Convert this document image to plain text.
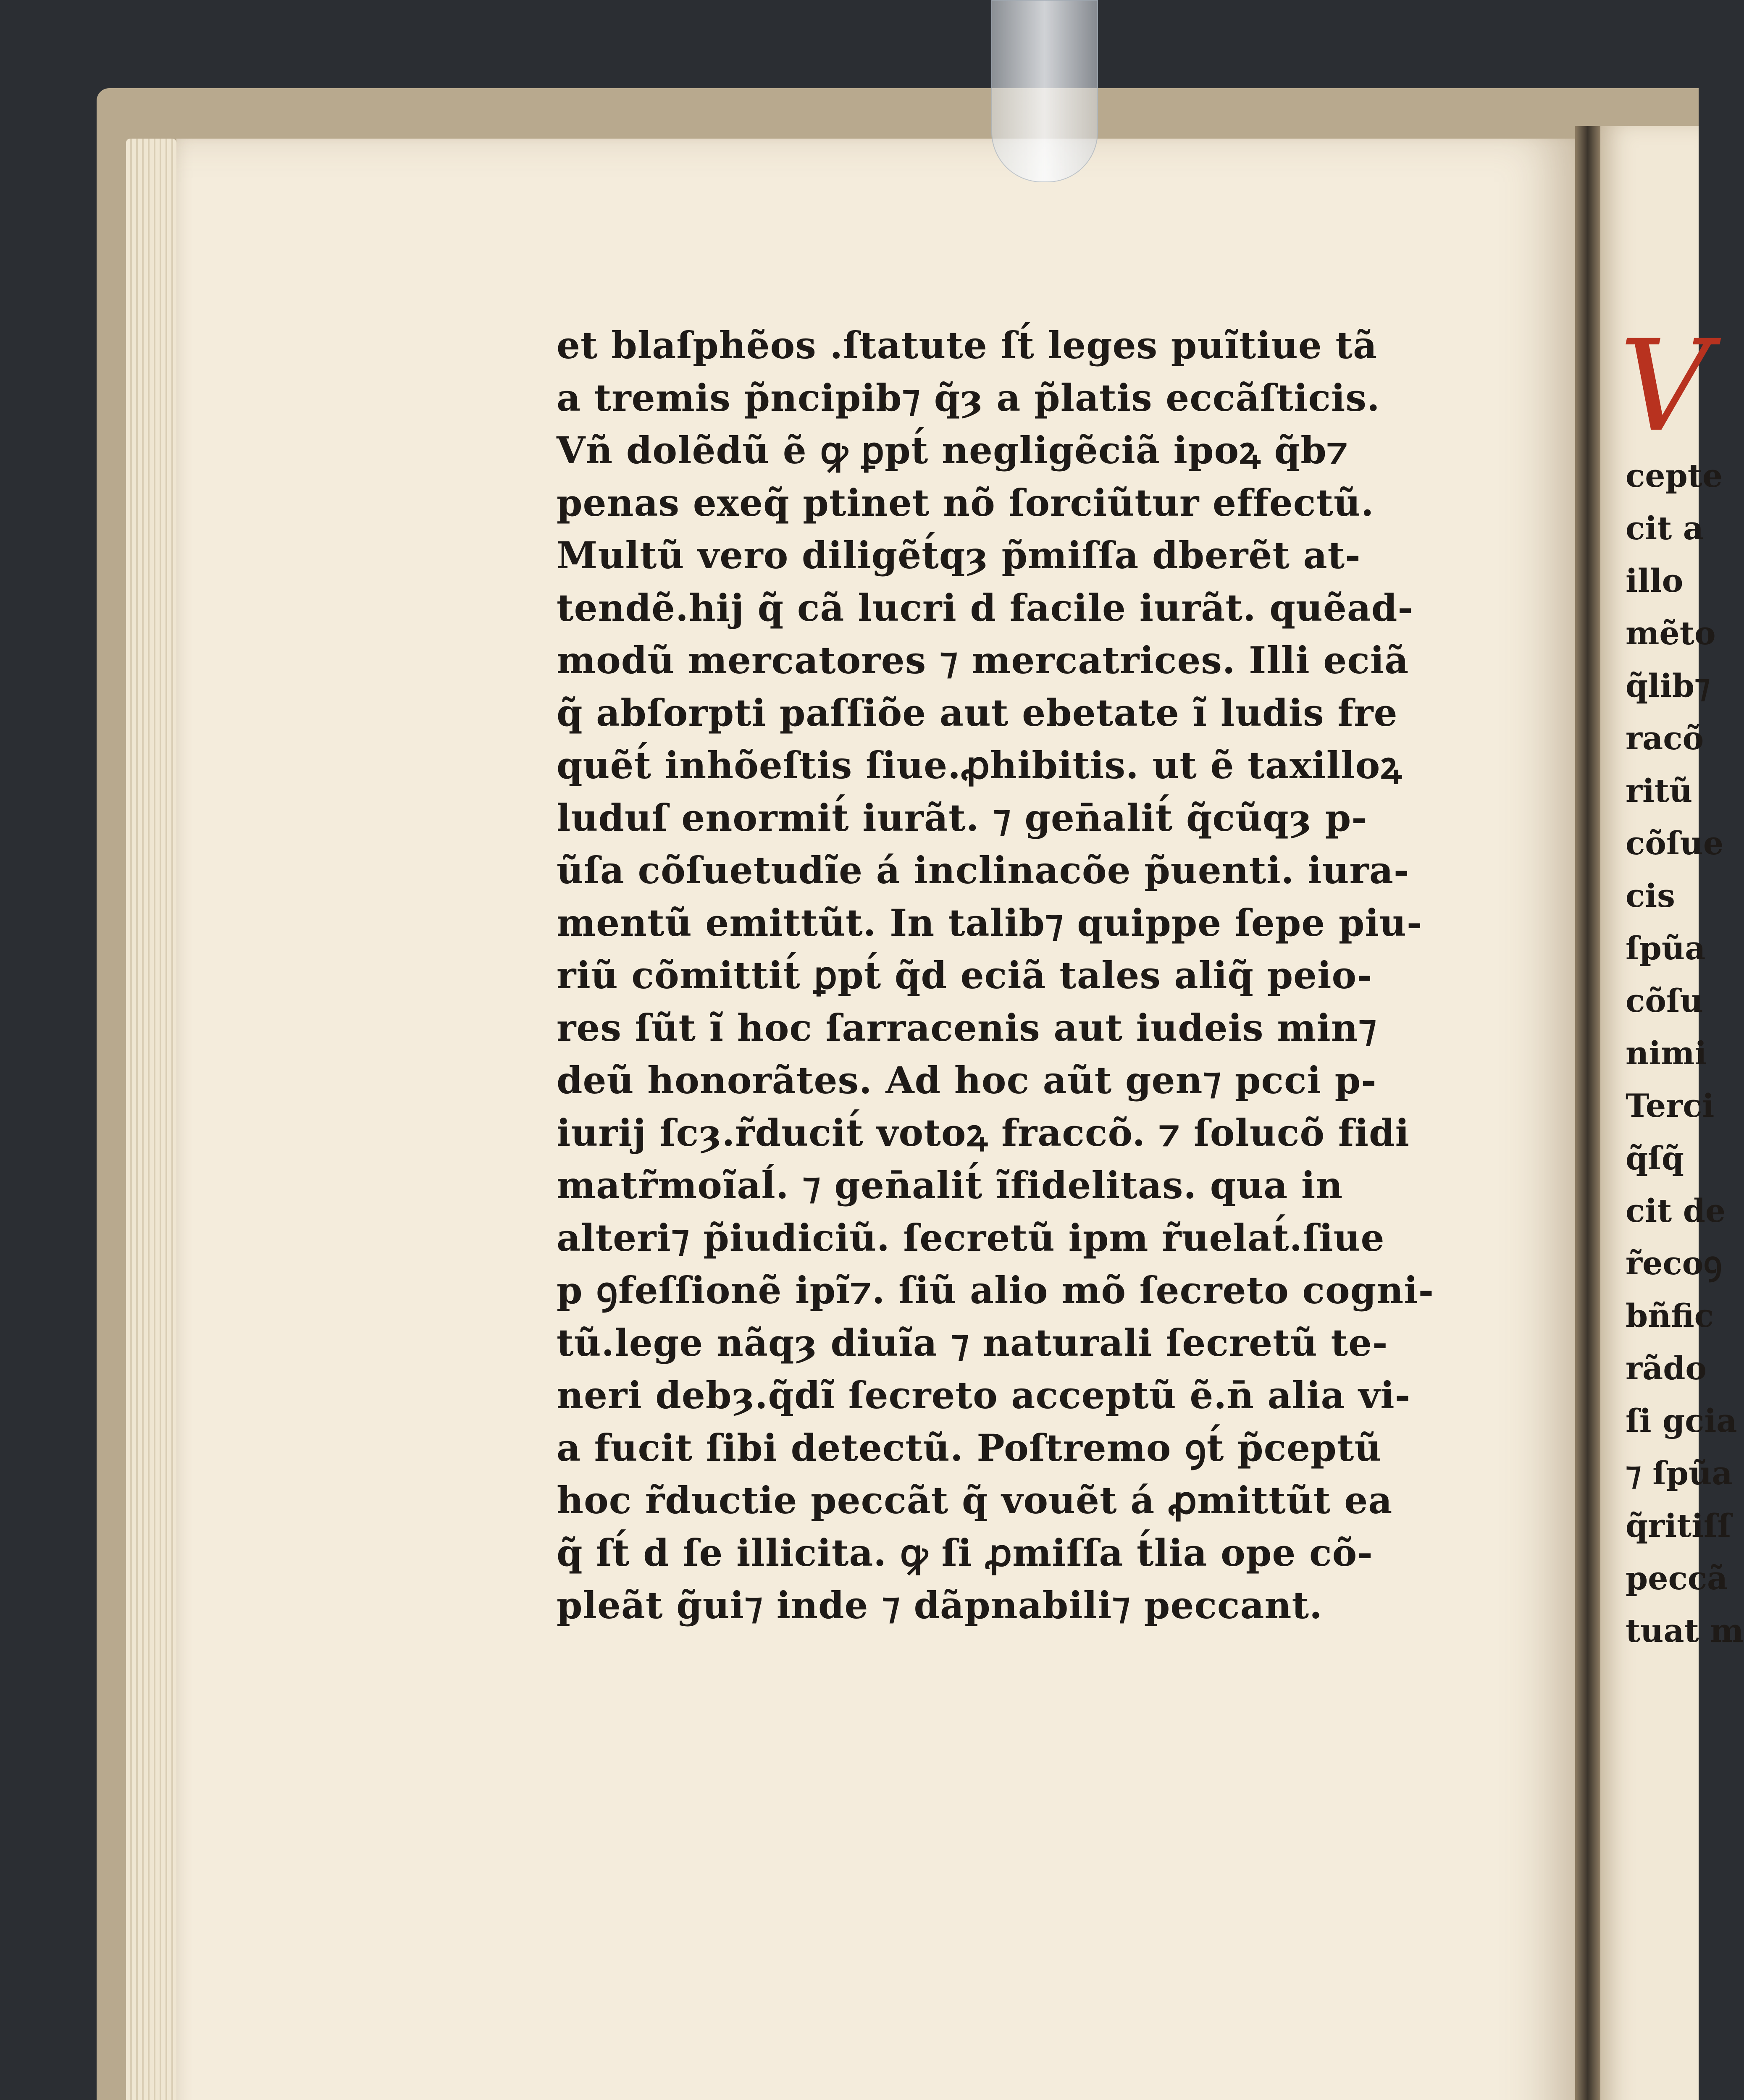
et blaſphẽos .ſtatute ſt́ leges puĩtiue tã
a tremis p̃ncipib⁊ q̃ȝ a p̃latis eccãſticis.
Vñ dolẽdũ ẽ ꝙ ꝑpt́ negligẽciã ipoꝝ q̃b⁊
penas exeq̃ ptinet nõ ſorciũtur effectũ.
Multũ vero diligẽt́qȝ p̃miſſa dberẽt at-
tendẽ.hij q̃ cã lucri d facile iurãt. quẽad-
modũ mercatores ⁊ mercatrices. Illi eciã
q̃ abſorpti paſſiõe aut ebetate ĩ ludis fre
quẽt́ inhõeſtis ſiue.ꝓhibitis. ut ẽ taxilloꝝ
luduſ enormit́ iurãt. ⁊ gen̄alit́ q̃cũqȝ p-
ũſa cõſuetudĩe á inclinacõe p̃uenti. iura-
mentũ emittũt. In talib⁊ quippe ſepe piu-
riũ cõmittit́ ꝑpt́ q̃d eciã tales aliq̃ peio-
res ſũt ĩ hoc ſarracenis aut iudeis min⁊
deũ honorãtes. Ad hoc aũt gen⁊ pcci p-
iurij ſcȝ.r̃ducit́ votoꝝ fraccõ. ⁊ ſolucõ fidi
matr̃moĩaĺ. ⁊ gen̄alit́ ĩfidelitas. qua in
alteri⁊ p̃iudiciũ. ſecretũ ipm r̃uelat́.ſiue
p ꝯfeſſionẽ ipĩ⁊. ſiũ alio mõ ſecreto cogni-
tũ.lege nãqȝ diuĩa ⁊ naturali ſecretũ te-
neri debȝ.q̃dĩ ſecreto acceptũ ẽ.n̄ alia vi-
a fucit ſibi detectũ. Poſtremo ꝯt́ p̃ceptũ
hoc r̃ductie peccãt q̃ vouẽt á ꝓmittũt ea
q̃ ſt́ d ſe illicita. ꝙ ſi ꝓmiſſa t́lia ope cõ-
pleãt g̃ui⁊ inde ⁊ dãpnabili⁊ peccant.
V
cepte
cit a
illo
mẽto
q̃lib⁊
racõ
ritũ
cõſue
cis
ſpũa
cõſu
nimi
Terci
q̃ſq̃
cit de
r̃ecoꝯ
bñfic
rãdo
ſi gcia
⁊ ſpũa
q̃ritiſſ
peccã
tuat m
